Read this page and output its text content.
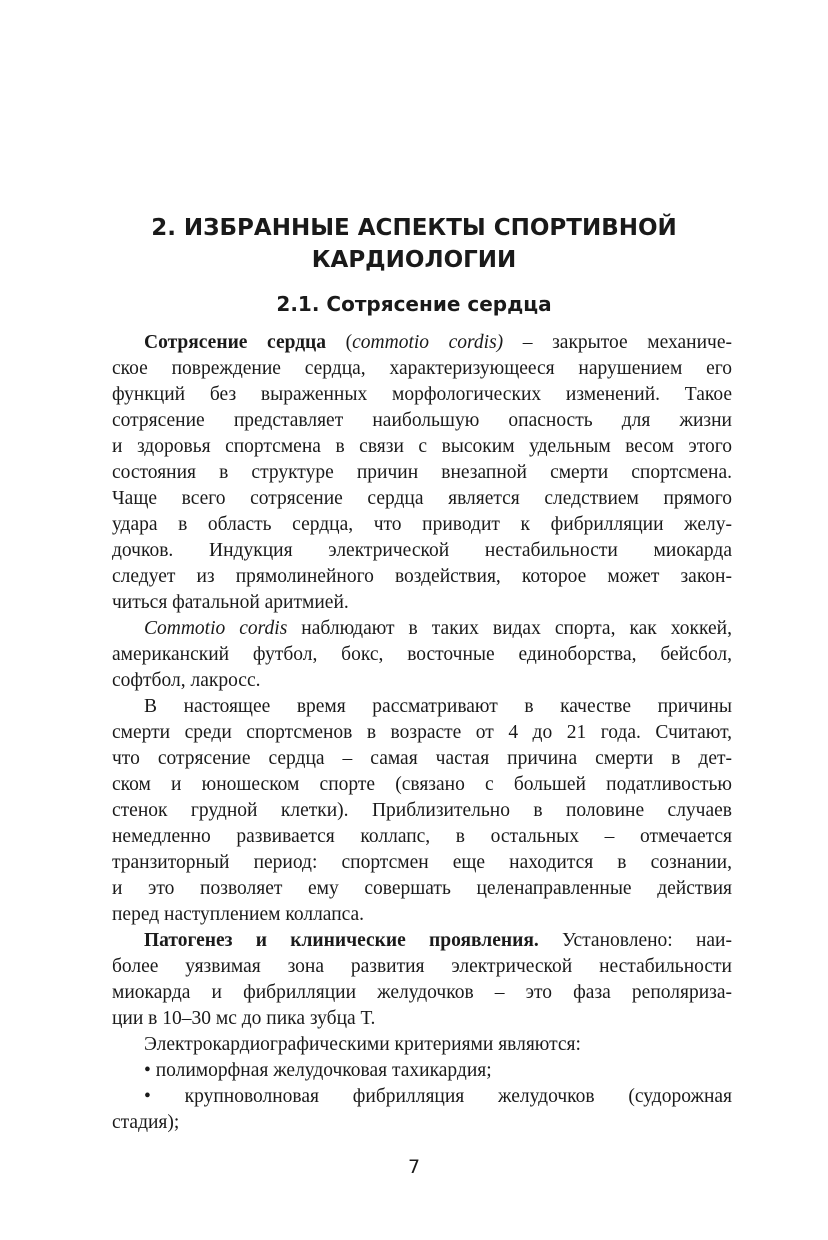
2. ИЗБРАННЫЕ АСПЕКТЫ СПОРТИВНОЙ
КАРДИОЛОГИИ
2.1. Сотрясение сердца
Сотрясение сердца (commotio cordis) – закрытое механиче-
ское повреждение сердца, характеризующееся нарушением его
функций без выраженных морфологических изменений. Такое
сотрясение представляет наибольшую опасность для жизни
и здоровья спортсмена в связи с высоким удельным весом этого
состояния в структуре причин внезапной смерти спортсмена.
Чаще всего сотрясение сердца является следствием прямого
удара в область сердца, что приводит к фибрилляции желу-
дочков. Индукция электрической нестабильности миокарда
следует из прямолинейного воздействия, которое может закон-
читься фатальной аритмией.
Commotio cordis наблюдают в таких видах спорта, как хоккей,
американский футбол, бокс, восточные единоборства, бейсбол,
софтбол, лакросс.
В настоящее время рассматривают в качестве причины
смерти среди спортсменов в возрасте от 4 до 21 года. Считают,
что сотрясение сердца – самая частая причина смерти в дет-
ском и юношеском спорте (связано с большей податливостью
стенок грудной клетки). Приблизительно в половине случаев
немедленно развивается коллапс, в остальных – отмечается
транзиторный период: спортсмен еще находится в сознании,
и это позволяет ему совершать целенаправленные действия
перед наступлением коллапса.
Патогенез и клинические проявления. Установлено: наи-
более уязвимая зона развития электрической нестабильности
миокарда и фибрилляции желудочков – это фаза реполяриза-
ции в 10–30 мс до пика зубца Т.
Электрокардиографическими критериями являются:
• полиморфная желудочковая тахикардия;
• крупноволновая фибрилляция желудочков (судорожная
стадия);
7
